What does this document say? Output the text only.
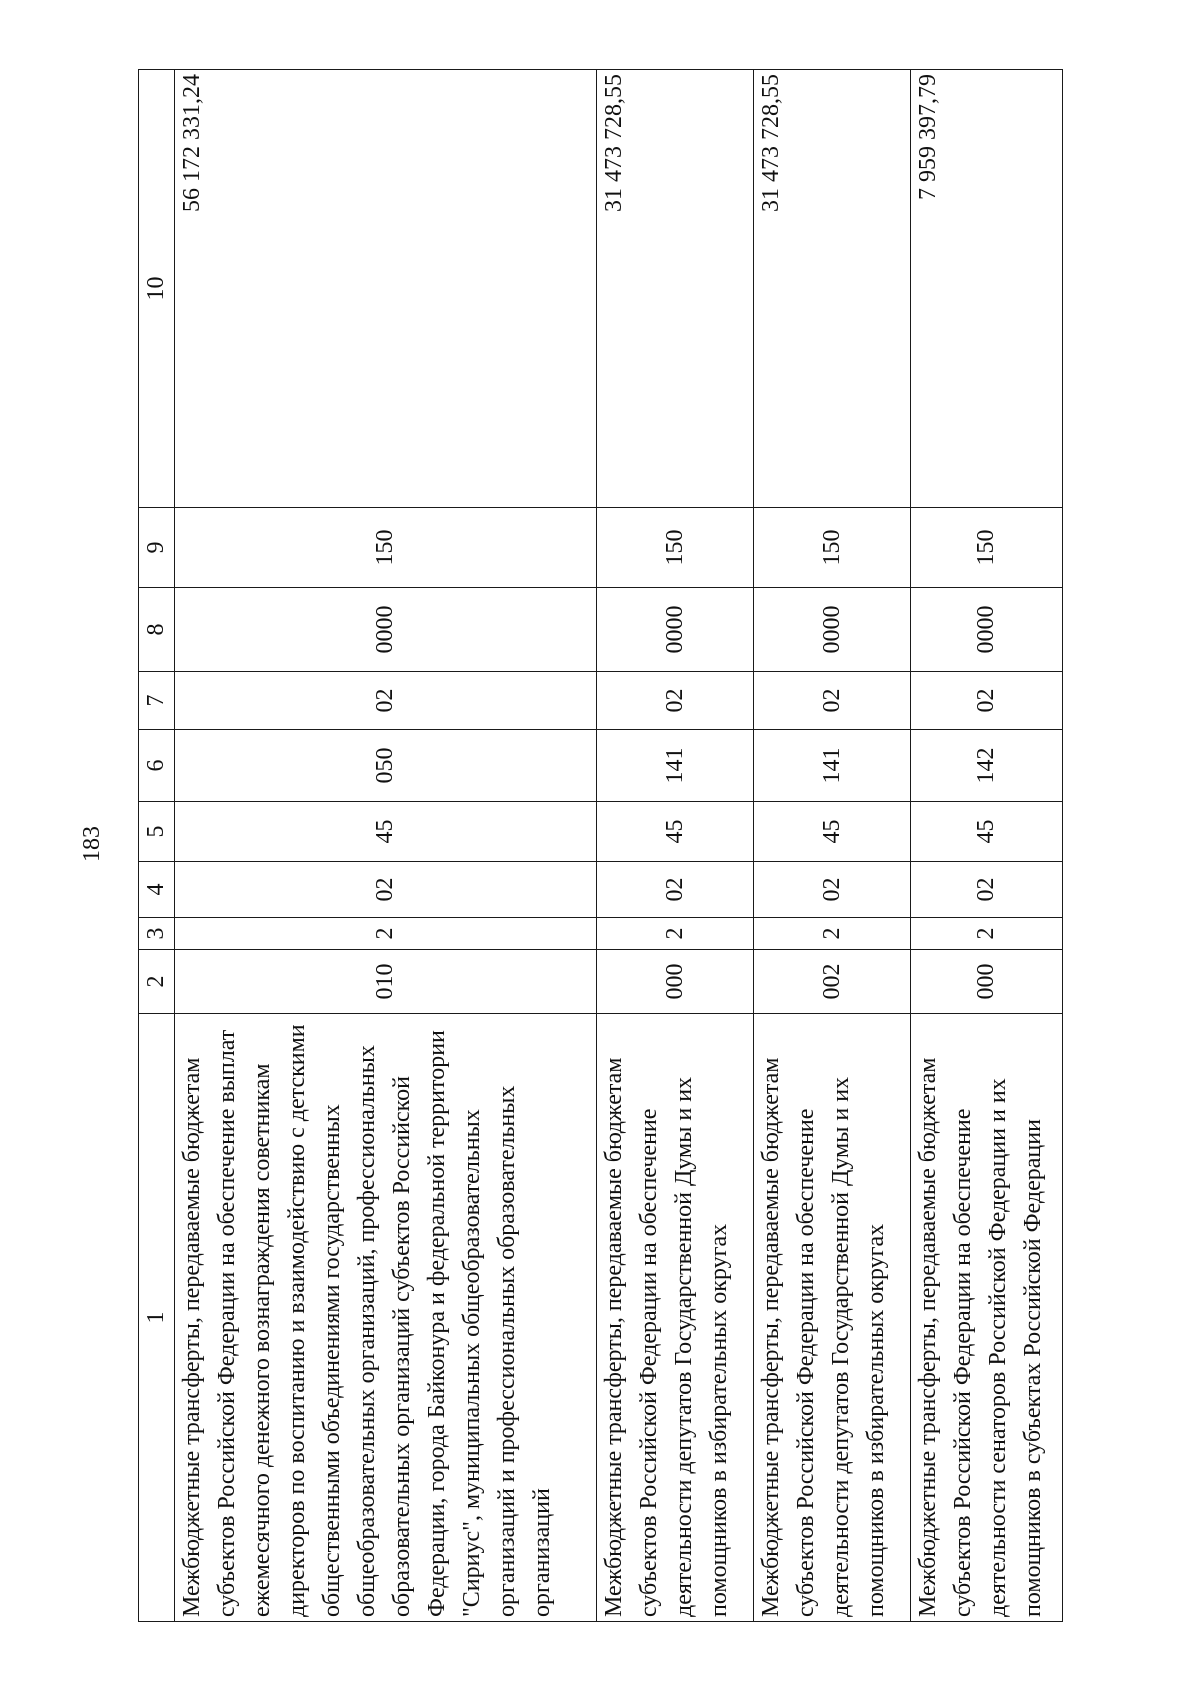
183
1	2	3	4	5	6	7	8	9	10
Межбюджетные трансферты, передаваемые бюджетам субъектов Российской Федерации на обеспечение выплат ежемесячного денежного вознаграждения советникам директоров по воспитанию и взаимодействию с детскими общественными объединениями государственных общеобразовательных организаций, профессиональных образовательных организаций субъектов Российской Федерации, города Байконура и федеральной территории "Сириус", муниципальных общеобразовательных организаций и профессиональных образовательных организаций	010	2	02	45	050	02	0000	150	56 172 331,24
Межбюджетные трансферты, передаваемые бюджетам субъектов Российской Федерации на обеспечение деятельности депутатов Государственной Думы и их помощников в избирательных округах	000	2	02	45	141	02	0000	150	31 473 728,55
Межбюджетные трансферты, передаваемые бюджетам субъектов Российской Федерации на обеспечение деятельности депутатов Государственной Думы и их помощников в избирательных округах	002	2	02	45	141	02	0000	150	31 473 728,55
Межбюджетные трансферты, передаваемые бюджетам субъектов Российской Федерации на обеспечение деятельности сенаторов Российской Федерации и их помощников в субъектах Российской Федерации	000	2	02	45	142	02	0000	150	7 959 397,79
